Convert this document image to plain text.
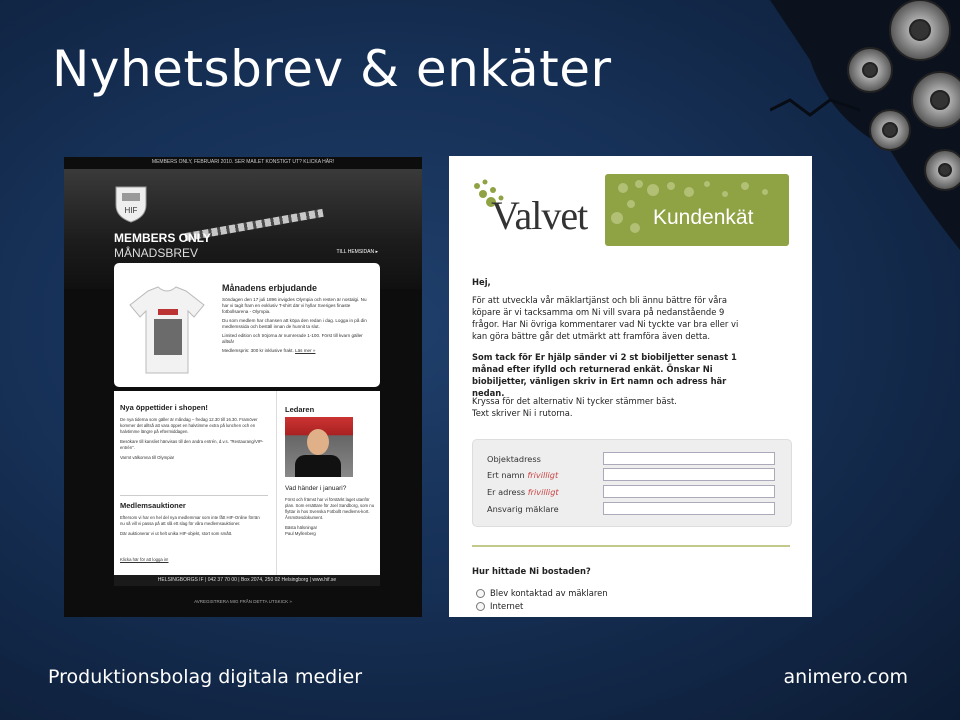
Nyhetsbrev & enkäter
MEMBERS ONLY, FEBRUARI 2010. SER MAILET KONSTIGT UT? KLICKA HÄR!
HIF
MEMBERS ONLY
MÅNADSBREV	TILL HEMSIDAN ▸
Månadens erbjudande
Söndagen den 17 juli 1896 invigdes Olympia och resten är nostalgi. Nu har vi tagit fram en exklusiv T-shirt där vi hyllar Sveriges finaste fotbollsarena - Olympia.
Du som medlem har chansen att köpa den redan i dag. Logga in på din medlemssida och beställ innan de hunnit ta slut.
Limited edition och tröjorna är numrerade 1-100. Först till kvarn gäller alltså!
Medlemspris: 300 kr inklusive frakt. Läs mer »
Nya öppettider i shopen!
De nya tiderna som gäller är måndag – fredag 12.30 till 16.30. Framöver kommer det alltså att vara öppet en halvtimme extra på lunchen och en halvtimme längre på eftermiddagen.
Besökare till kansliet hänvisas till den andra entrén, d.v.s. "Restaurang/VIP-entrén".
Varmt välkomna till Olympia!
Medlemsauktioner
Eftersom vi har en hel del nya medlemmar som inte fått HIF-Online förrän nu så vill vi passa på att slå ett slag för våra medlemsauktioner.
Där auktionerar vi ut helt unika HIF-objekt, stort som smått.
Klicka här för att logga in!
Ledaren
Vad händer i januari?
Först och främst har vi förstärkt laget utanför plan. Som ersättare för Joel Sandborg, som nu flyttar in hos Svenska Fotbollt medlems-kort. Årsmötesdokument.
Bästa hälsningar
Paul Myllenberg
HELSINGBORGS IF | 042 37 70 00 | Box 2074, 250 02 Helsingborg | www.hif.se
AVREGISTRERA MIG FRÅN DETTA UTSKICK »
Valvet	Kundenkät
Hej,
För att utveckla vår mäklartjänst och bli ännu bättre för våra köpare är vi tacksamma om Ni vill svara på nedanstående 9 frågor. Har Ni övriga kommentarer vad Ni tyckte var bra eller vi kan göra bättre går det utmärkt att framföra även detta.
Som tack för Er hjälp sänder vi 2 st biobiljetter senast 1 månad efter ifylld och returnerad enkät. Önskar Ni biobiljetter, vänligen skriv in Ert namn och adress här nedan.
Kryssa för det alternativ Ni tycker stämmer bäst. Text skriver Ni i rutorna.
Objektadress
Ert namn frivilligt
Er adress frivilligt
Ansvarig mäklare
Hur hittade Ni bostaden?
Blev kontaktad av mäklaren
Internet
Produktionsbolag digitala medier	animero.com
